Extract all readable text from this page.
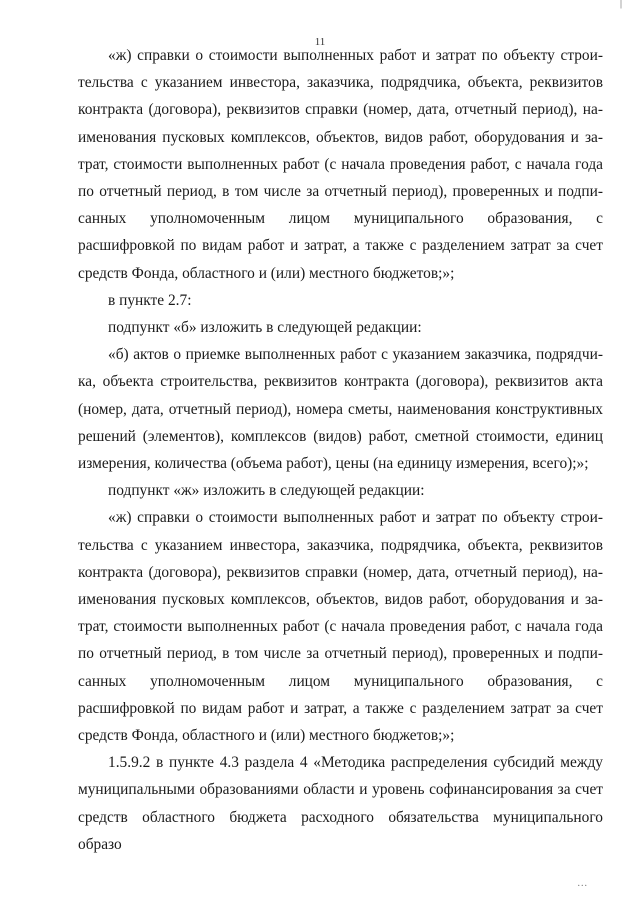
|
11

«ж) справки о стоимости выполненных работ и затрат по объекту строительства с указанием инвестора, заказчика, подрядчика, объекта, реквизитов контракта (договора), реквизитов справки (номер, дата, отчетный период), наименования пусковых комплексов, объектов, видов работ, оборудования и затрат, стоимости выполненных работ (с начала проведения работ, с начала года по отчетный период, в том числе за отчетный период), проверенных и подписанных уполномоченным лицом муниципального образования, с расшифровкой по видам работ и затрат, а также с разделением затрат за счет средств Фонда, областного и (или) местного бюджетов;»;

в пункте 2.7:

подпункт «б» изложить в следующей редакции:

«б) актов о приемке выполненных работ с указанием заказчика, подрядчика, объекта строительства, реквизитов контракта (договора), реквизитов акта (номер, дата, отчетный период), номера сметы, наименования конструктивных решений (элементов), комплексов (видов) работ, сметной стоимости, единиц измерения, количества (объема работ), цены (на единицу измерения, всего);»;

подпункт «ж» изложить в следующей редакции:

«ж) справки о стоимости выполненных работ и затрат по объекту строительства с указанием инвестора, заказчика, подрядчика, объекта, реквизитов контракта (договора), реквизитов справки (номер, дата, отчетный период), наименования пусковых комплексов, объектов, видов работ, оборудования и затрат, стоимости выполненных работ (с начала проведения работ, с начала года по отчетный период, в том числе за отчетный период), проверенных и подписанных уполномоченным лицом муниципального образования, с расшифровкой по видам работ и затрат, а также с разделением затрат за счет средств Фонда, областного и (или) местного бюджетов;»;

1.5.9.2 в пункте 4.3 раздела 4 «Методика распределения субсидий между муниципальными образованиями области и уровень софинансирования за счет средств областного бюджета расходного обязательства муниципального образо

...
